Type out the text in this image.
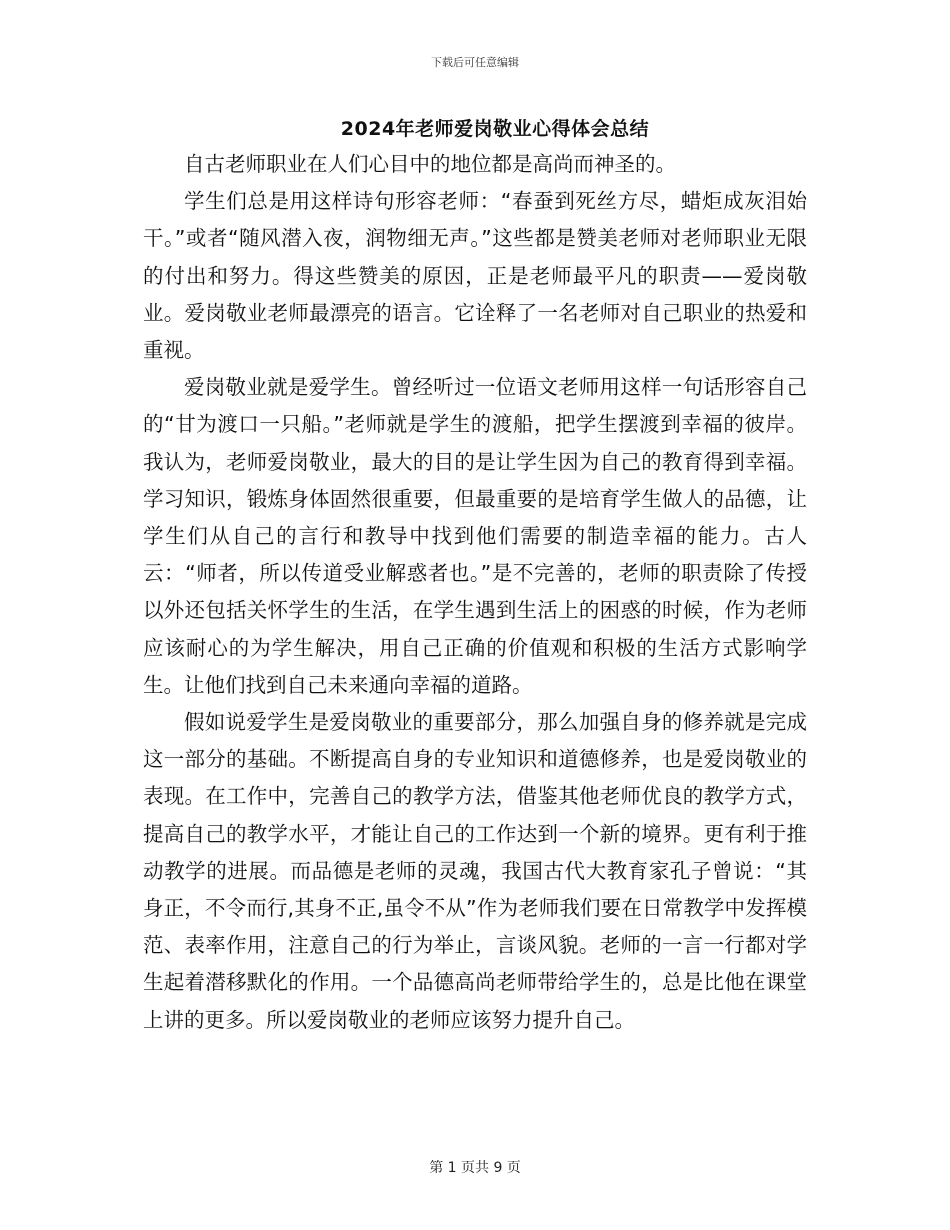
下载后可任意编辑
2024年老师爱岗敬业心得体会总结

自古老师职业在人们心目中的地位都是高尚而神圣的。

学生们总是用这样诗句形容老师：“春蚕到死丝方尽，蜡炬成灰泪始干。”或者“随风潜入夜，润物细无声。”这些都是赞美老师对老师职业无限的付出和努力。得这些赞美的原因，正是老师最平凡的职责——爱岗敬业。爱岗敬业老师最漂亮的语言。它诠释了一名老师对自己职业的热爱和重视。

爱岗敬业就是爱学生。曾经听过一位语文老师用这样一句话形容自己的“甘为渡口一只船。”老师就是学生的渡船，把学生摆渡到幸福的彼岸。我认为，老师爱岗敬业，最大的目的是让学生因为自己的教育得到幸福。学习知识，锻炼身体固然很重要，但最重要的是培育学生做人的品德，让学生们从自己的言行和教导中找到他们需要的制造幸福的能力。古人云：“师者，所以传道受业解惑者也。”是不完善的，老师的职责除了传授以外还包括关怀学生的生活，在学生遇到生活上的困惑的时候，作为老师应该耐心的为学生解决，用自己正确的价值观和积极的生活方式影响学生。让他们找到自己未来通向幸福的道路。

假如说爱学生是爱岗敬业的重要部分，那么加强自身的修养就是完成这一部分的基础。不断提高自身的专业知识和道德修养，也是爱岗敬业的表现。在工作中，完善自己的教学方法，借鉴其他老师优良的教学方式，提高自己的教学水平，才能让自己的工作达到一个新的境界。更有利于推动教学的进展。而品德是老师的灵魂，我国古代大教育家孔子曾说：“其身正，不令而行,其身不正,虽令不从”作为老师我们要在日常教学中发挥模范、表率作用，注意自己的行为举止，言谈风貌。老师的一言一行都对学生起着潜移默化的作用。一个品德高尚老师带给学生的，总是比他在课堂上讲的更多。所以爱岗敬业的老师应该努力提升自己。

第 1 页共 9 页
